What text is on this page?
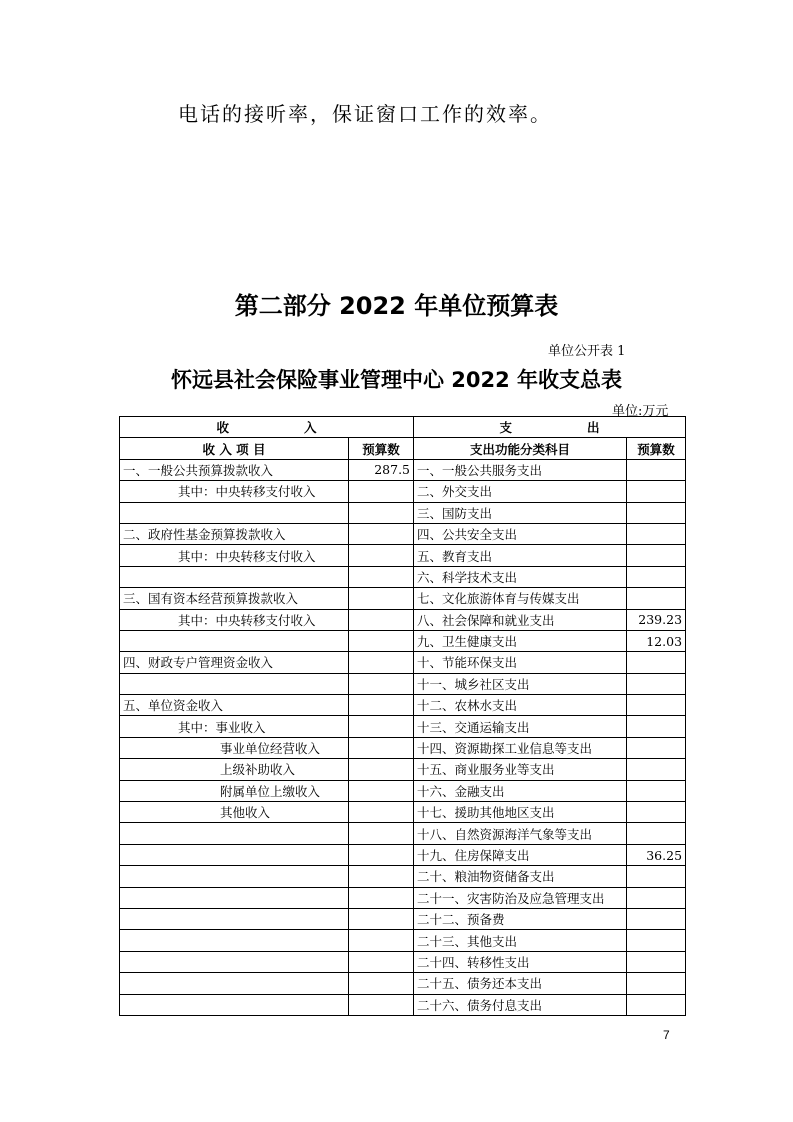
电话的接听率，保证窗口工作的效率。
第二部分 2022 年单位预算表
单位公开表 1
怀远县社会保险事业管理中心 2022 年收支总表
单位:万元
收　　　　　　入		支　　　　　　出	
收 入 项 目	预算数	支出功能分类科目	预算数
一、一般公共预算拨款收入	287.5	一、一般公共服务支出	
其中：中央转移支付收入		二、外交支出	
		三、国防支出	
二、政府性基金预算拨款收入		四、公共安全支出	
其中：中央转移支付收入		五、教育支出	
		六、科学技术支出	
三、国有资本经营预算拨款收入		七、文化旅游体育与传媒支出	
其中：中央转移支付收入		八、社会保障和就业支出	239.23
		九、卫生健康支出	12.03
四、财政专户管理资金收入		十、节能环保支出	
		十一、城乡社区支出	
五、单位资金收入		十二、农林水支出	
其中：事业收入		十三、交通运输支出	
事业单位经营收入		十四、资源勘探工业信息等支出	
上级补助收入		十五、商业服务业等支出	
附属单位上缴收入		十六、金融支出	
其他收入		十七、援助其他地区支出	
		十八、自然资源海洋气象等支出	
		十九、住房保障支出	36.25
		二十、粮油物资储备支出	
		二十一、灾害防治及应急管理支出	
		二十二、预备费	
		二十三、其他支出	
		二十四、转移性支出	
		二十五、债务还本支出	
		二十六、债务付息支出	
7
